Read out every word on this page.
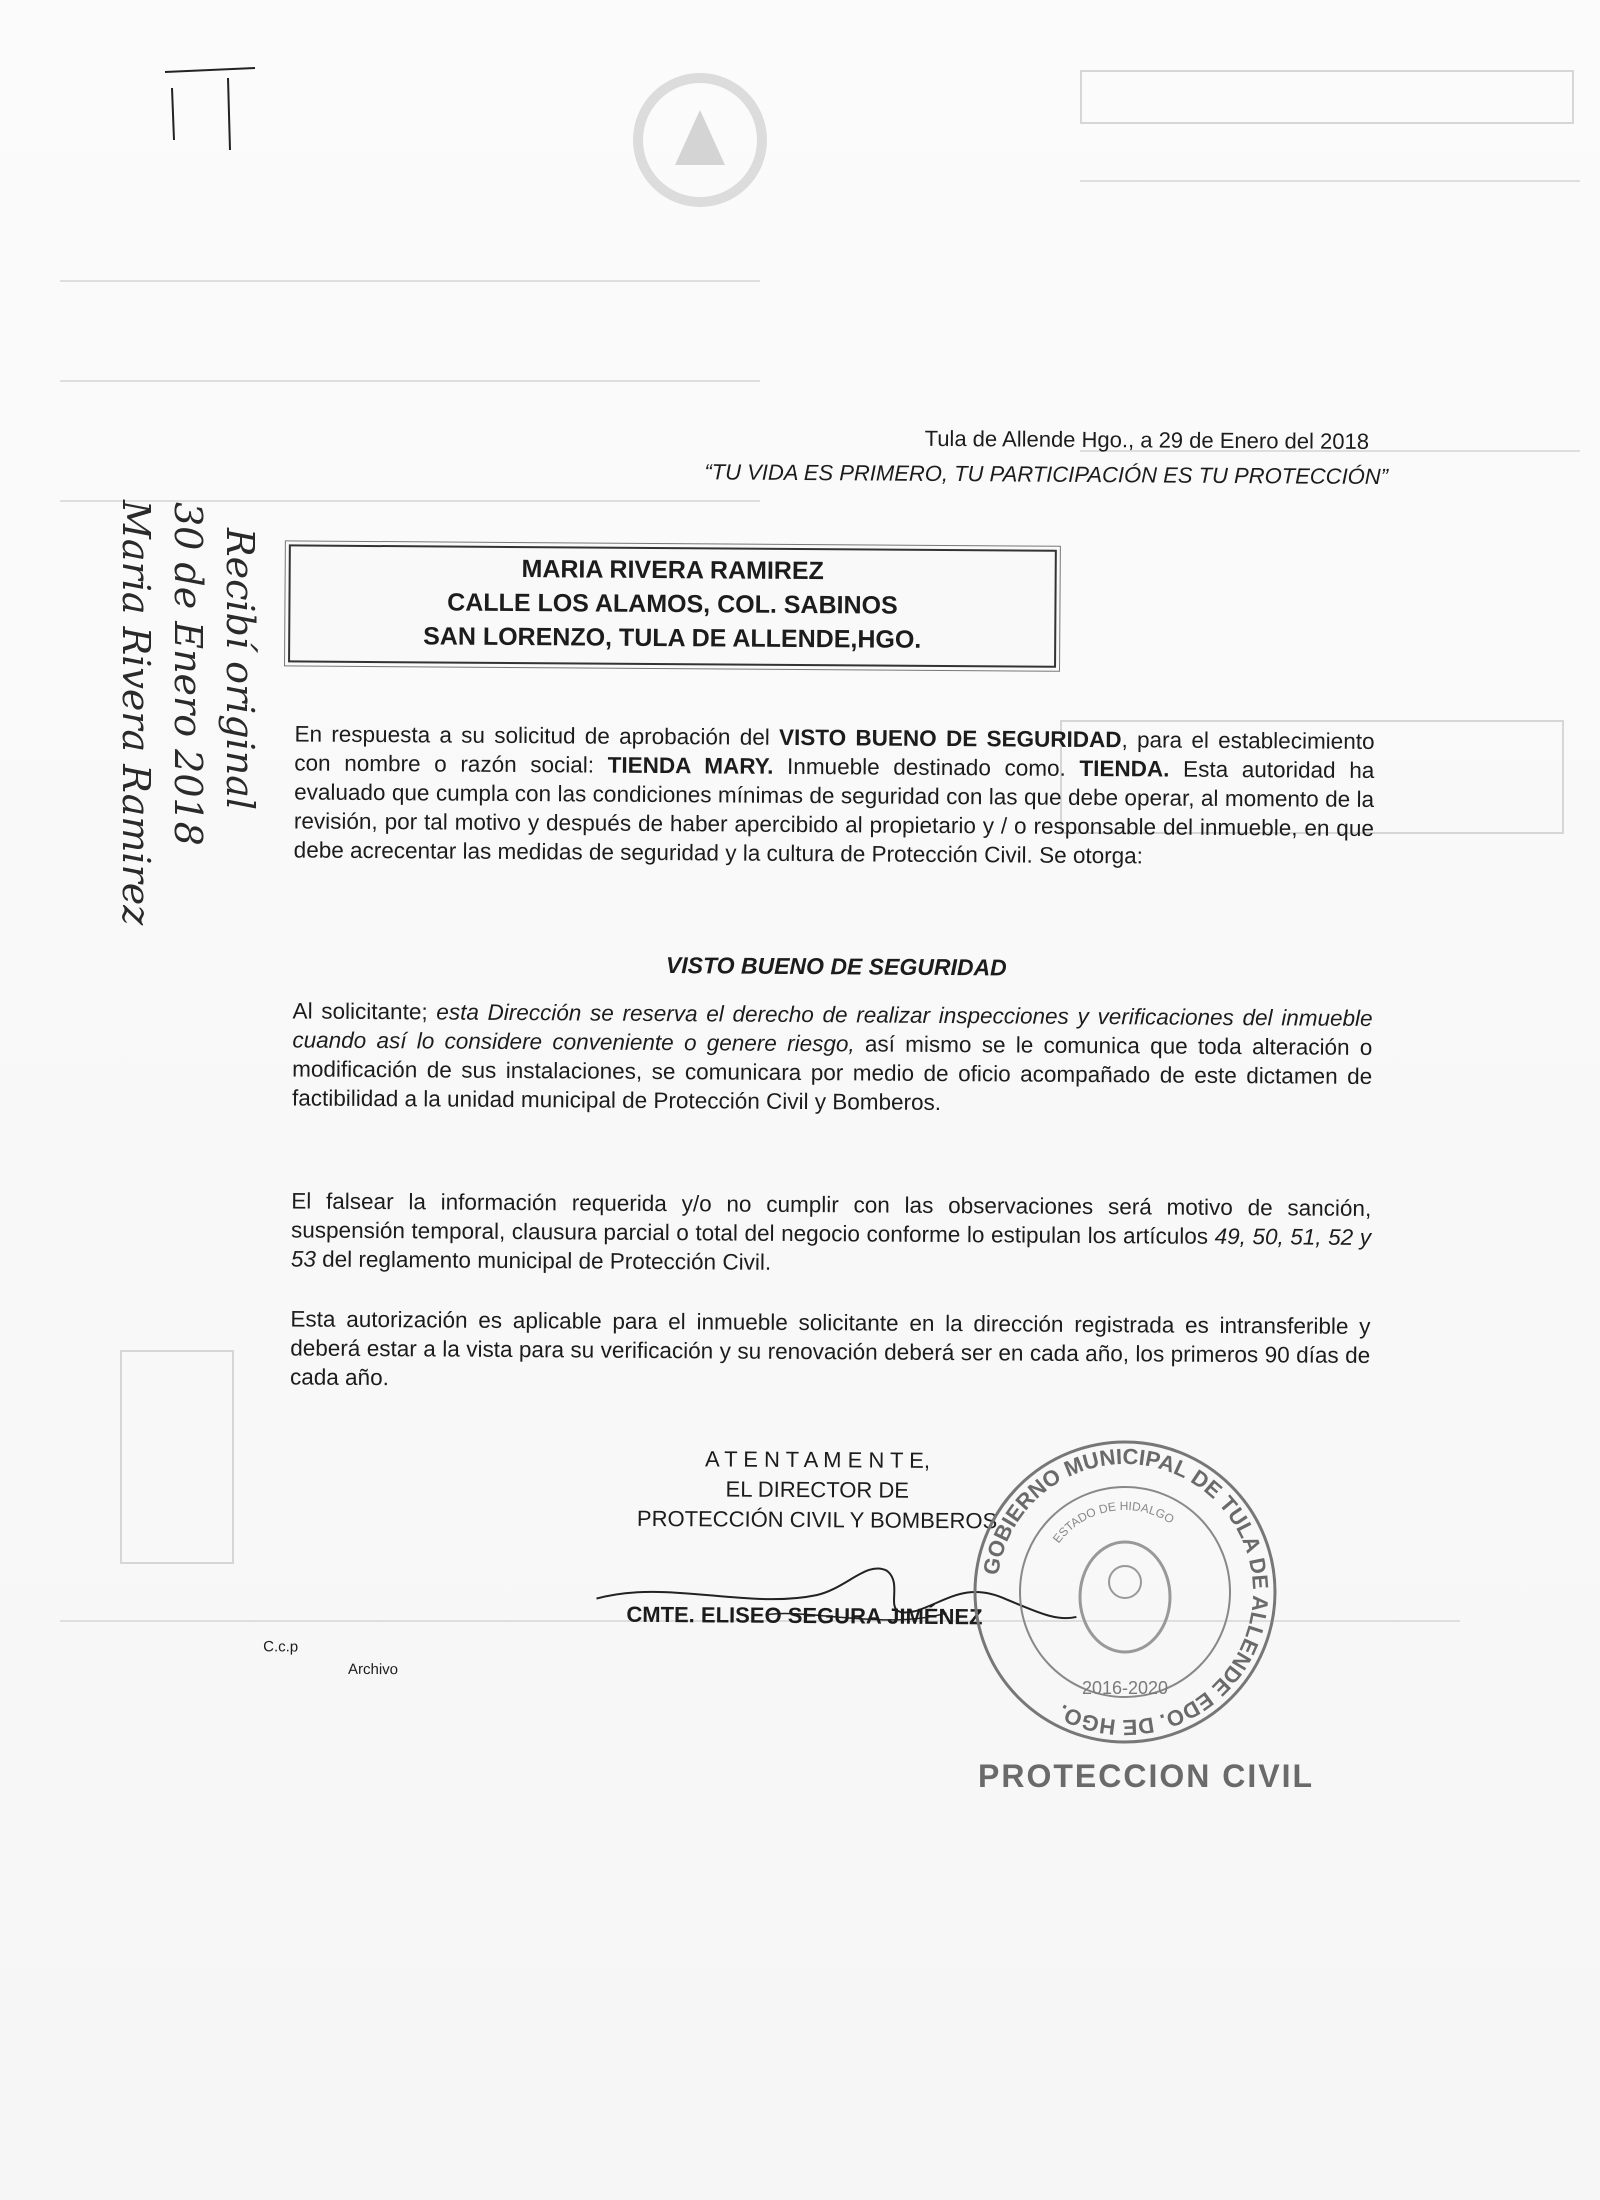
Tula de Allende Hgo., a 29 de Enero del 2018
“TU VIDA ES PRIMERO, TU PARTICIPACIÓN ES TU PROTECCIÓN”
MARIA RIVERA RAMIREZ
CALLE LOS ALAMOS, COL. SABINOS
SAN LORENZO, TULA DE ALLENDE,HGO.
En respuesta a su solicitud de aprobación del VISTO BUENO DE SEGURIDAD, para el establecimiento con nombre o razón social: TIENDA MARY. Inmueble destinado como. TIENDA. Esta autoridad ha evaluado que cumpla con las condiciones mínimas de seguridad con las que debe operar, al momento de la revisión, por tal motivo y después de haber apercibido al propietario y / o responsable del inmueble, en que debe acrecentar las medidas de seguridad y la cultura de Protección Civil. Se otorga:
VISTO BUENO DE SEGURIDAD
Al solicitante; esta Dirección se reserva el derecho de realizar inspecciones y verificaciones del inmueble cuando así lo considere conveniente o genere riesgo, así mismo se le comunica que toda alteración o modificación de sus instalaciones, se comunicara por medio de oficio acompañado de este dictamen de factibilidad a la unidad municipal de Protección Civil y Bomberos.
El falsear la información requerida y/o no cumplir con las observaciones será motivo de sanción, suspensión temporal, clausura parcial o total del negocio conforme lo estipulan los artículos 49, 50, 51, 52 y 53 del reglamento municipal de Protección Civil.
Esta autorización es aplicable para el inmueble solicitante en la dirección registrada es intransferible y deberá estar a la vista para su verificación y su renovación deberá ser en cada año, los primeros 90 días de cada año.
A T E N T A M E N T E,
EL DIRECTOR DE
PROTECCIÓN CIVIL Y BOMBEROS
CMTE. ELISEO SEGURA JIMÉNEZ
C.c.p
Archivo
Recibí original
30 de Enero 2018
Maria Rivera Ramirez
GOBIERNO MUNICIPAL DE TULA DE ALLENDE EDO. DE HGO.
ESTADO DE HIDALGO
2016-2020
PROTECCION CIVIL
